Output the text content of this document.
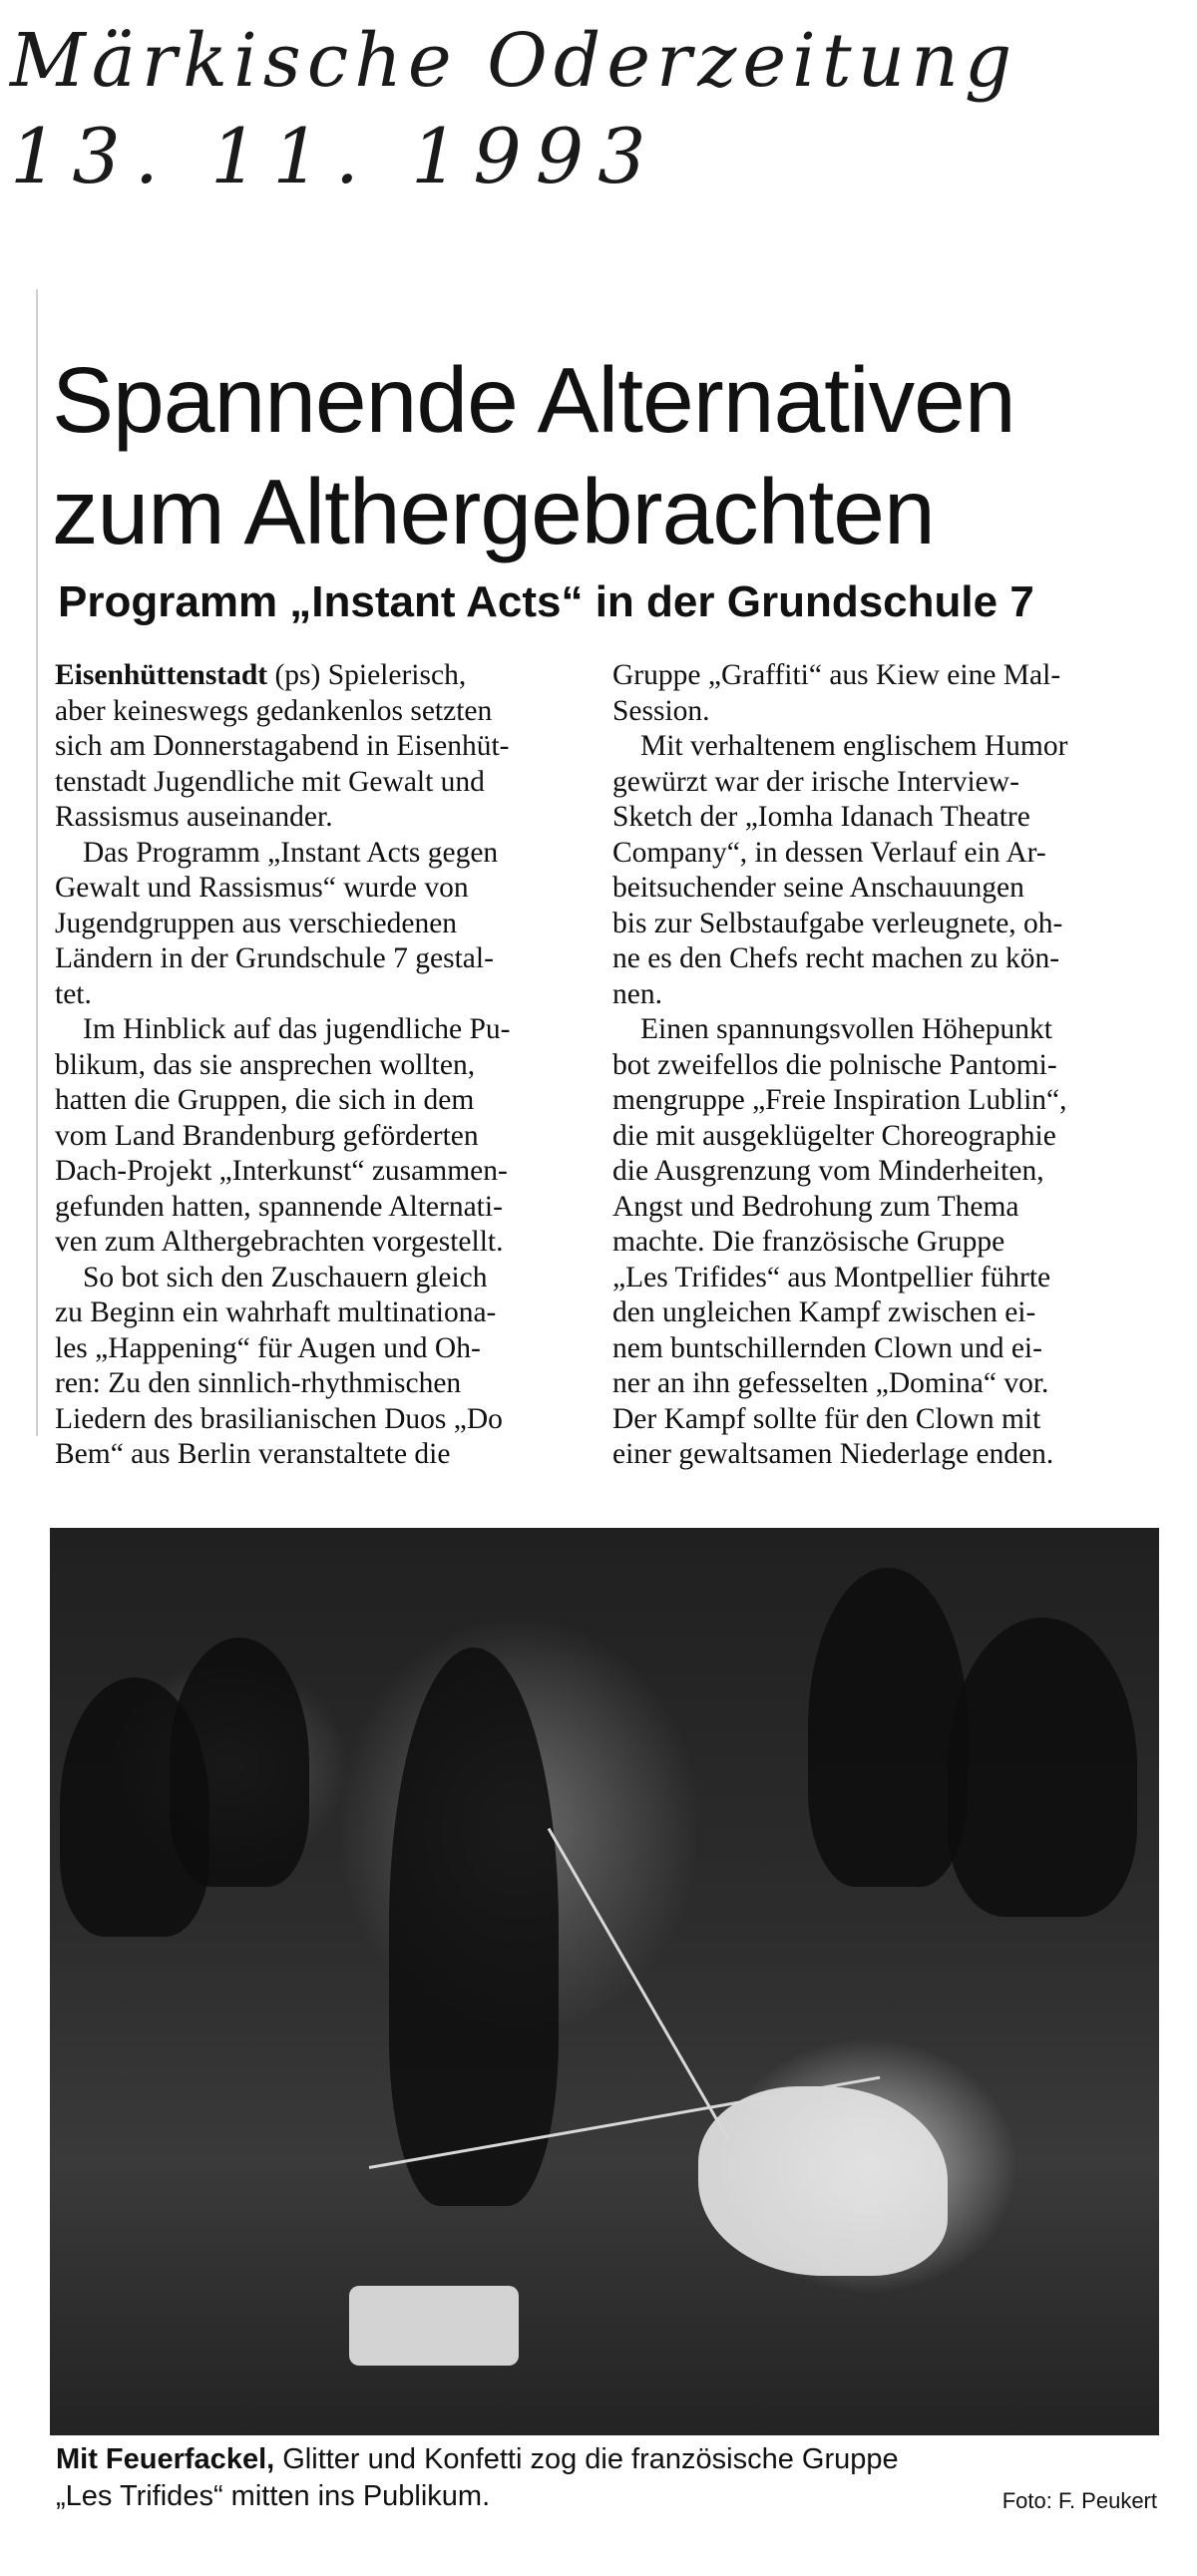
Märkische Oderzeitung
13. 11. 1993
Spannende Alternativen
zum Althergebrachten
Programm „Instant Acts“ in der Grundschule 7
Eisenhüttenstadt (ps) Spielerisch,
aber keineswegs gedankenlos setzten
sich am Donnerstagabend in Eisenhüt-
tenstadt Jugendliche mit Gewalt und
Rassismus auseinander.
Das Programm „Instant Acts gegen
Gewalt und Rassismus“ wurde von
Jugendgruppen aus verschiedenen
Ländern in der Grundschule 7 gestal-
tet.
Im Hinblick auf das jugendliche Pu-
blikum, das sie ansprechen wollten,
hatten die Gruppen, die sich in dem
vom Land Brandenburg geförderten
Dach-Projekt „Interkunst“ zusammen-
gefunden hatten, spannende Alternati-
ven zum Althergebrachten vorgestellt.
So bot sich den Zuschauern gleich
zu Beginn ein wahrhaft multinationa-
les „Happening“ für Augen und Oh-
ren: Zu den sinnlich-rhythmischen
Liedern des brasilianischen Duos „Do
Bem“ aus Berlin veranstaltete die
Gruppe „Graffiti“ aus Kiew eine Mal-
Session.
Mit verhaltenem englischem Humor
gewürzt war der irische Interview-
Sketch der „Iomha Idanach Theatre
Company“, in dessen Verlauf ein Ar-
beitsuchender seine Anschauungen
bis zur Selbstaufgabe verleugnete, oh-
ne es den Chefs recht machen zu kön-
nen.
Einen spannungsvollen Höhepunkt
bot zweifellos die polnische Pantomi-
mengruppe „Freie Inspiration Lublin“,
die mit ausgeklügelter Choreographie
die Ausgrenzung vom Minderheiten,
Angst und Bedrohung zum Thema
machte. Die französische Gruppe
„Les Trifides“ aus Montpellier führte
den ungleichen Kampf zwischen ei-
nem buntschillernden Clown und ei-
ner an ihn gefesselten „Domina“ vor.
Der Kampf sollte für den Clown mit
einer gewaltsamen Niederlage enden.
Mit Feuerfackel, Glitter und Konfetti zog die französische Gruppe
„Les Trifides“ mitten ins Publikum.	Foto: F. Peukert
